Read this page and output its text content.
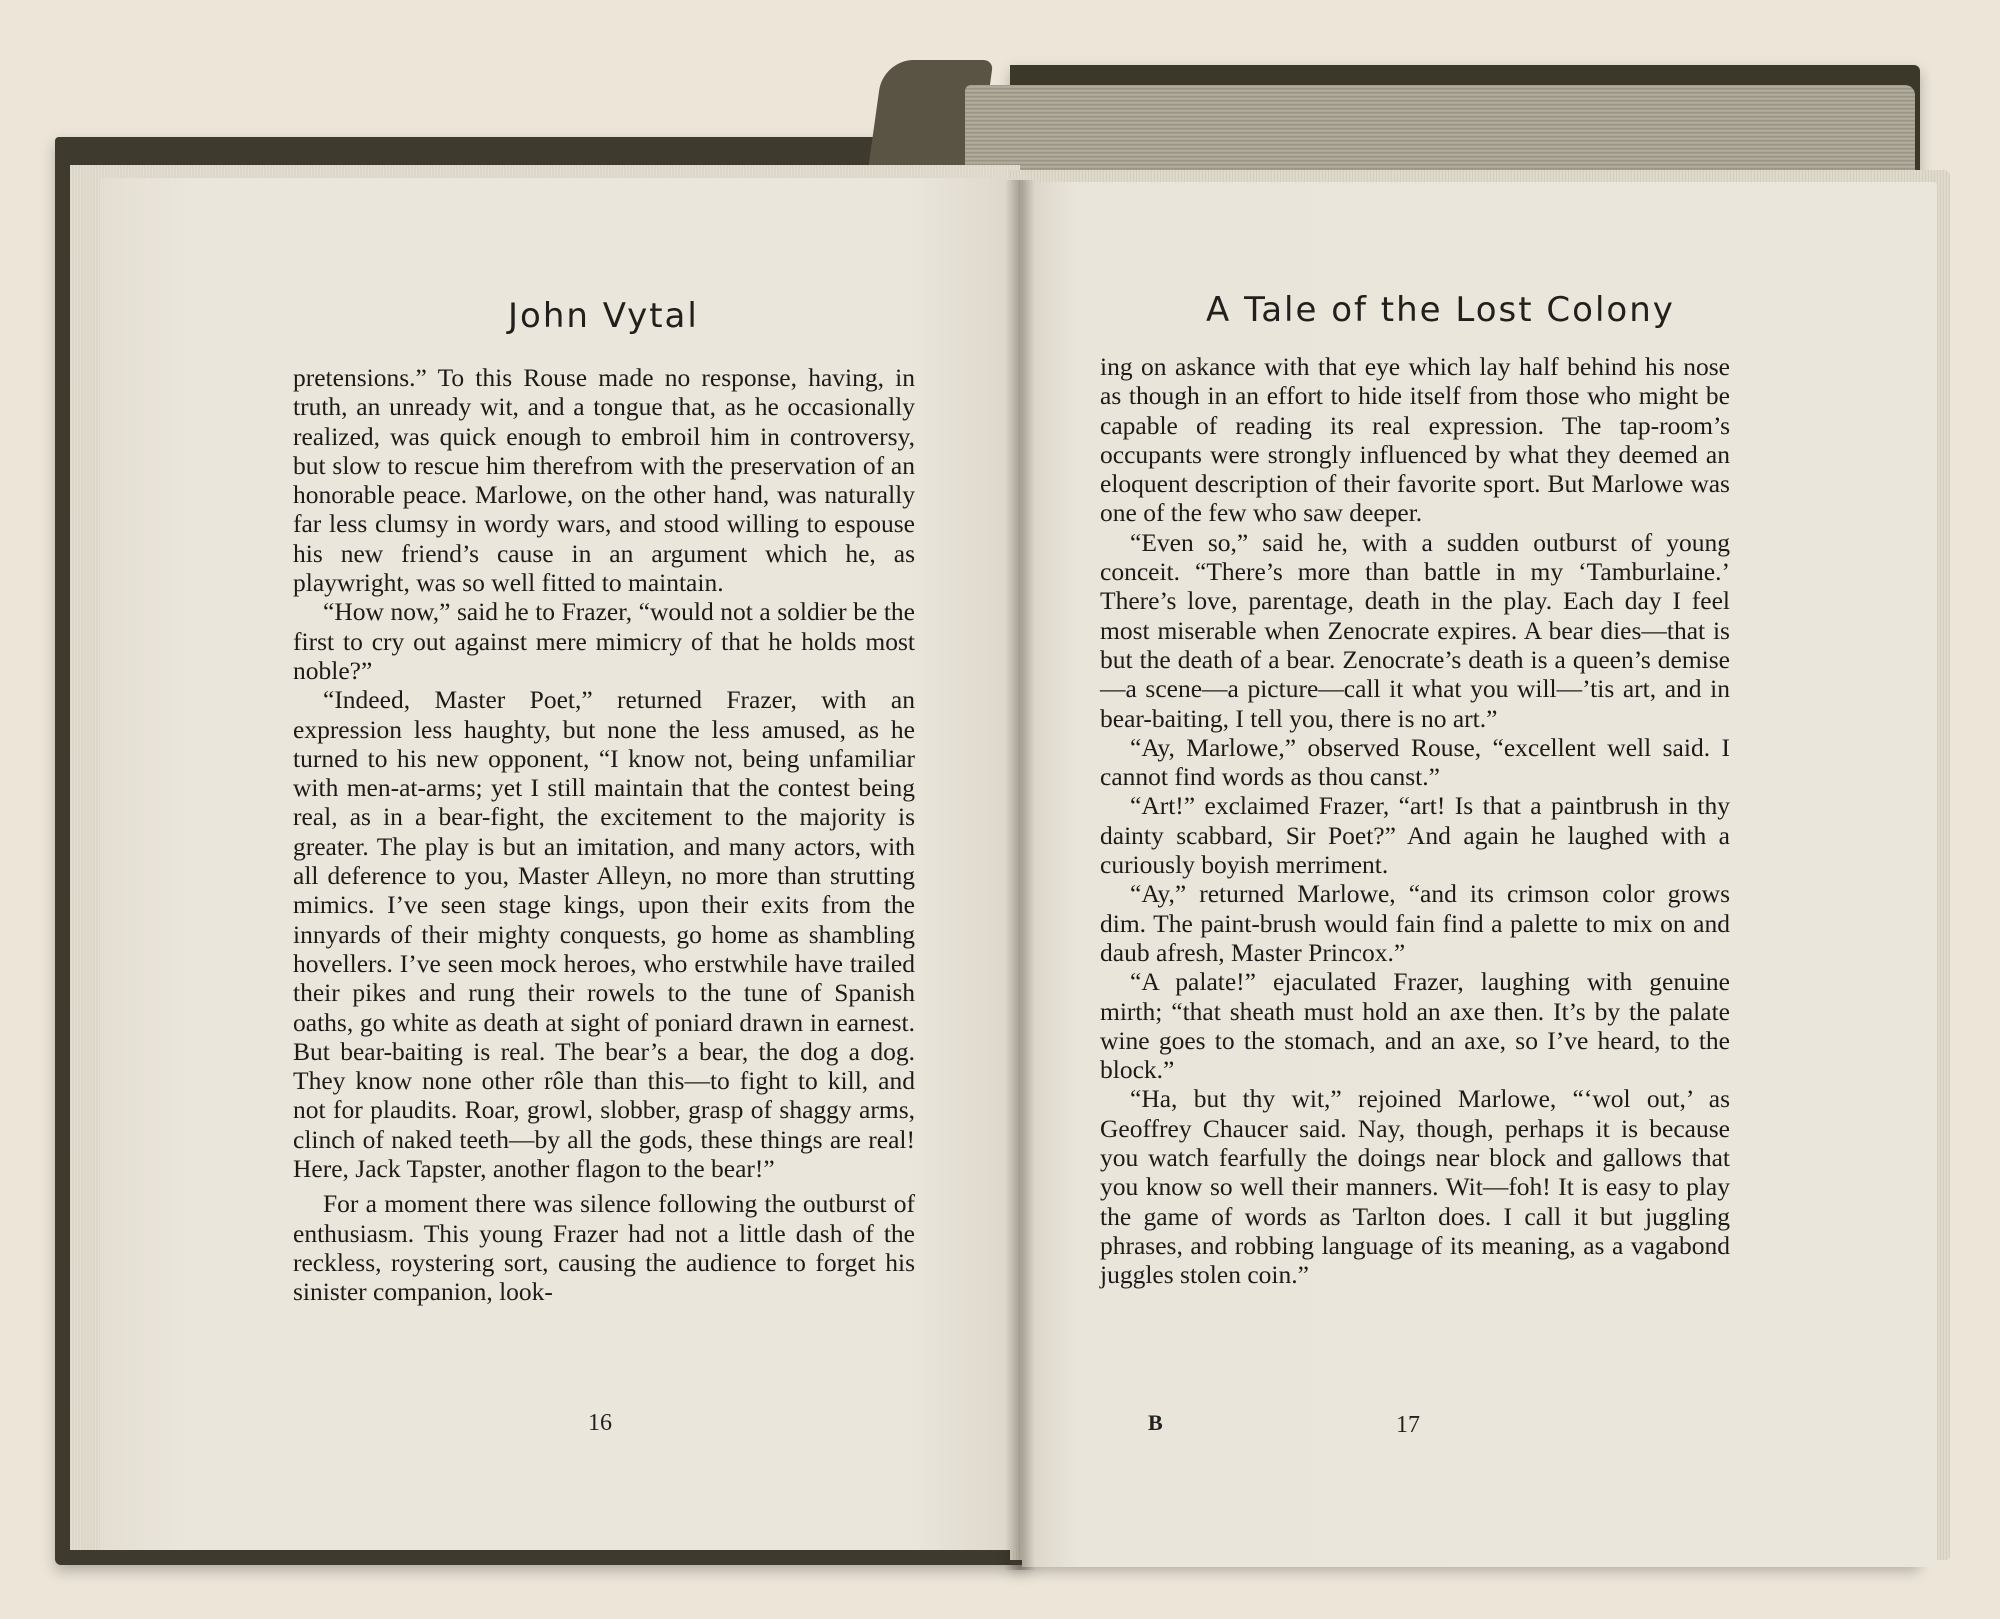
John Vytal

pretensions.” To this Rouse made no response, having, in truth, an unready wit, and a tongue that, as he occasionally realized, was quick enough to embroil him in controversy, but slow to rescue him therefrom with the preservation of an honorable peace. Marlowe, on the other hand, was naturally far less clumsy in wordy wars, and stood willing to espouse his new friend’s cause in an argument which he, as playwright, was so well fitted to maintain.

“How now,” said he to Frazer, “would not a soldier be the first to cry out against mere mimicry of that he holds most noble?”

“Indeed, Master Poet,” returned Frazer, with an expression less haughty, but none the less amused, as he turned to his new opponent, “I know not, being unfamiliar with men-at-arms; yet I still maintain that the contest being real, as in a bear-fight, the excitement to the majority is greater. The play is but an imitation, and many actors, with all deference to you, Master Alleyn, no more than strutting mimics. I’ve seen stage kings, upon their exits from the innyards of their mighty conquests, go home as shambling hovellers. I’ve seen mock heroes, who erstwhile have trailed their pikes and rung their rowels to the tune of Spanish oaths, go white as death at sight of poniard drawn in earnest. But bear-baiting is real. The bear’s a bear, the dog a dog. They know none other rôle than this—to fight to kill, and not for plaudits. Roar, growl, slobber, grasp of shaggy arms, clinch of naked teeth—by all the gods, these things are real! Here, Jack Tapster, another flagon to the bear!”

For a moment there was silence following the outburst of enthusiasm. This young Frazer had not a little dash of the reckless, roystering sort, causing the audience to forget his sinister companion, look-

16
A Tale of the Lost Colony

ing on askance with that eye which lay half behind his nose as though in an effort to hide itself from those who might be capable of reading its real expression. The tap-room’s occupants were strongly influenced by what they deemed an eloquent description of their favorite sport. But Marlowe was one of the few who saw deeper.

“Even so,” said he, with a sudden outburst of young conceit. “There’s more than battle in my ‘Tamburlaine.’ There’s love, parentage, death in the play. Each day I feel most miserable when Zenocrate expires. A bear dies—that is but the death of a bear. Zenocrate’s death is a queen’s demise—a scene—a picture—call it what you will—’tis art, and in bear-baiting, I tell you, there is no art.”

“Ay, Marlowe,” observed Rouse, “excellent well said. I cannot find words as thou canst.”

“Art!” exclaimed Frazer, “art! Is that a paintbrush in thy dainty scabbard, Sir Poet?” And again he laughed with a curiously boyish merriment.

“Ay,” returned Marlowe, “and its crimson color grows dim. The paint-brush would fain find a palette to mix on and daub afresh, Master Princox.”

“A palate!” ejaculated Frazer, laughing with genuine mirth; “that sheath must hold an axe then. It’s by the palate wine goes to the stomach, and an axe, so I’ve heard, to the block.”

“Ha, but thy wit,” rejoined Marlowe, “‘wol out,’ as Geoffrey Chaucer said. Nay, though, perhaps it is because you watch fearfully the doings near block and gallows that you know so well their manners. Wit—foh! It is easy to play the game of words as Tarlton does. I call it but juggling phrases, and robbing language of its meaning, as a vagabond juggles stolen coin.”

B	17
